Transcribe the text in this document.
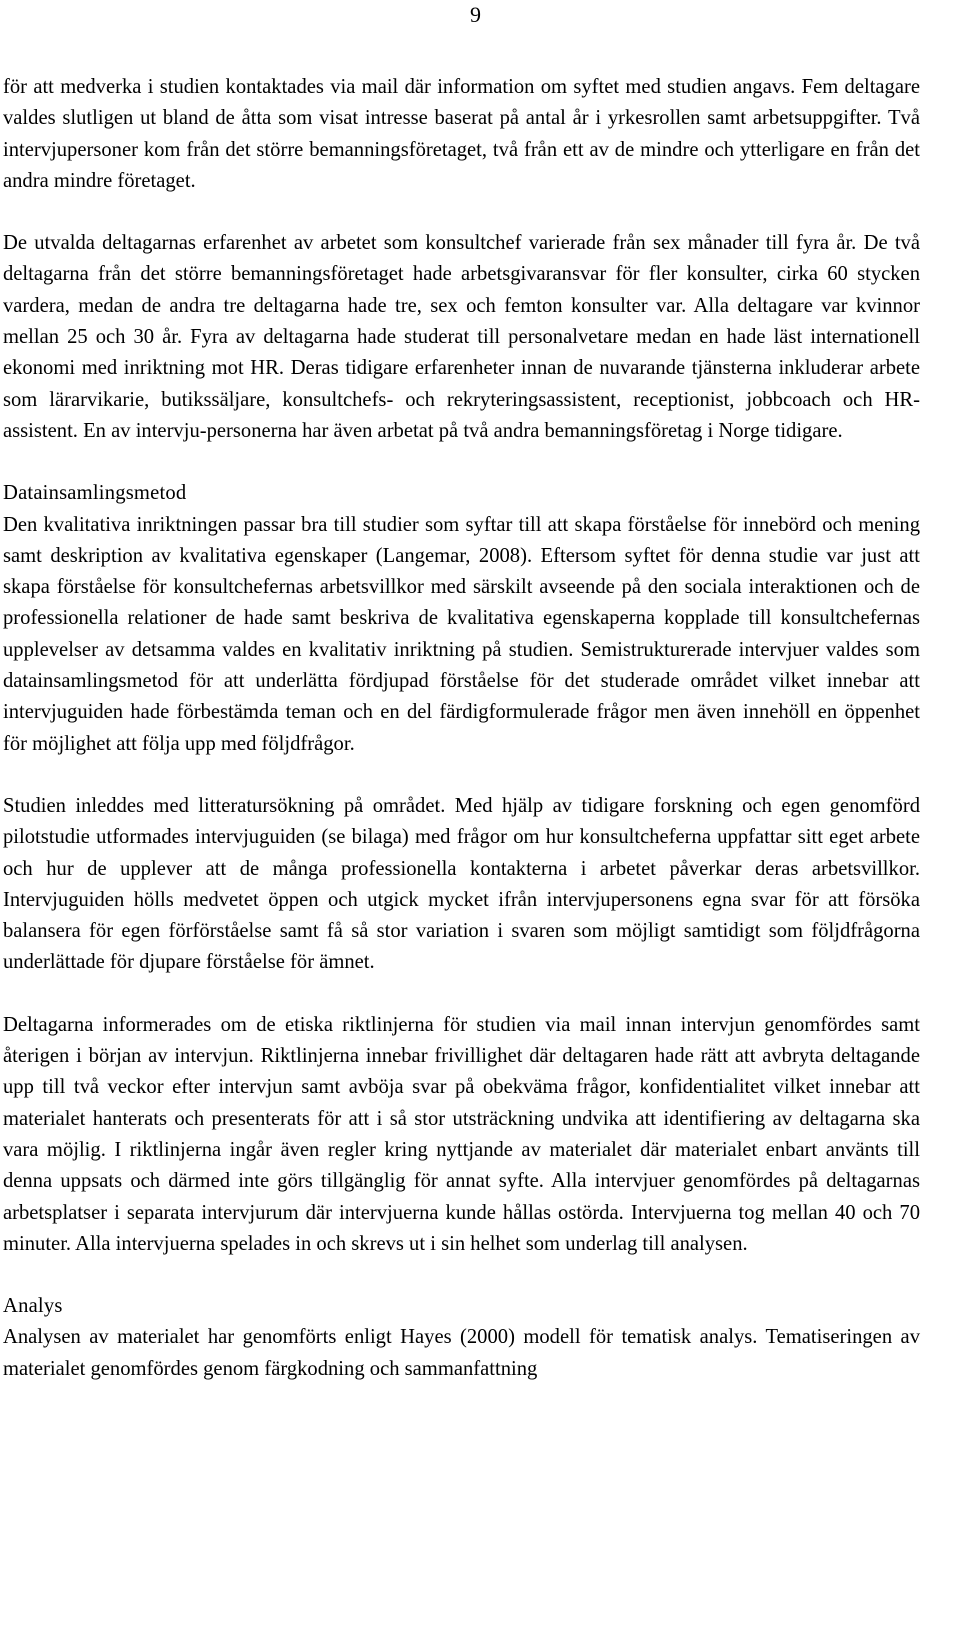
9

för att medverka i studien kontaktades via mail där information om syftet med studien angavs. Fem deltagare valdes slutligen ut bland de åtta som visat intresse baserat på antal år i yrkesrollen samt arbetsuppgifter. Två intervjupersoner kom från det större bemanningsföretaget, två från ett av de mindre och ytterligare en från det andra mindre företaget.

De utvalda deltagarnas erfarenhet av arbetet som konsultchef varierade från sex månader till fyra år. De två deltagarna från det större bemanningsföretaget hade arbetsgivaransvar för fler konsulter, cirka 60 stycken vardera, medan de andra tre deltagarna hade tre, sex och femton konsulter var. Alla deltagare var kvinnor mellan 25 och 30 år. Fyra av deltagarna hade studerat till personalvetare medan en hade läst internationell ekonomi med inriktning mot HR. Deras tidigare erfarenheter innan de nuvarande tjänsterna inkluderar arbete som lärarvikarie, butikssäljare, konsultchefs- och rekryteringsassistent, receptionist, jobbcoach och HR-assistent. En av intervju-personerna har även arbetat på två andra bemanningsföretag i Norge tidigare.

Datainsamlingsmetod

Den kvalitativa inriktningen passar bra till studier som syftar till att skapa förståelse för innebörd och mening samt deskription av kvalitativa egenskaper (Langemar, 2008). Eftersom syftet för denna studie var just att skapa förståelse för konsultchefernas arbetsvillkor med särskilt avseende på den sociala interaktionen och de professionella relationer de hade samt beskriva de kvalitativa egenskaperna kopplade till konsultchefernas upplevelser av detsamma valdes en kvalitativ inriktning på studien. Semistrukturerade intervjuer valdes som datainsamlingsmetod för att underlätta fördjupad förståelse för det studerade området vilket innebar att intervjuguiden hade förbestämda teman och en del färdigformulerade frågor men även innehöll en öppenhet för möjlighet att följa upp med följdfrågor.

Studien inleddes med litteratursökning på området. Med hjälp av tidigare forskning och egen genomförd pilotstudie utformades intervjuguiden (se bilaga) med frågor om hur konsultcheferna uppfattar sitt eget arbete och hur de upplever att de många professionella kontakterna i arbetet påverkar deras arbetsvillkor. Intervjuguiden hölls medvetet öppen och utgick mycket ifrån intervjupersonens egna svar för att försöka balansera för egen förförståelse samt få så stor variation i svaren som möjligt samtidigt som följdfrågorna underlättade för djupare förståelse för ämnet.

Deltagarna informerades om de etiska riktlinjerna för studien via mail innan intervjun genomfördes samt återigen i början av intervjun. Riktlinjerna innebar frivillighet där deltagaren hade rätt att avbryta deltagande upp till två veckor efter intervjun samt avböja svar på obekväma frågor, konfidentialitet vilket innebar att materialet hanterats och presenterats för att i så stor utsträckning undvika att identifiering av deltagarna ska vara möjlig. I riktlinjerna ingår även regler kring nyttjande av materialet där materialet enbart använts till denna uppsats och därmed inte görs tillgänglig för annat syfte. Alla intervjuer genomfördes på deltagarnas arbetsplatser i separata intervjurum där intervjuerna kunde hållas ostörda. Intervjuerna tog mellan 40 och 70 minuter. Alla intervjuerna spelades in och skrevs ut i sin helhet som underlag till analysen.

Analys

Analysen av materialet har genomförts enligt Hayes (2000) modell för tematisk analys. Tematiseringen av materialet genomfördes genom färgkodning och sammanfattning
